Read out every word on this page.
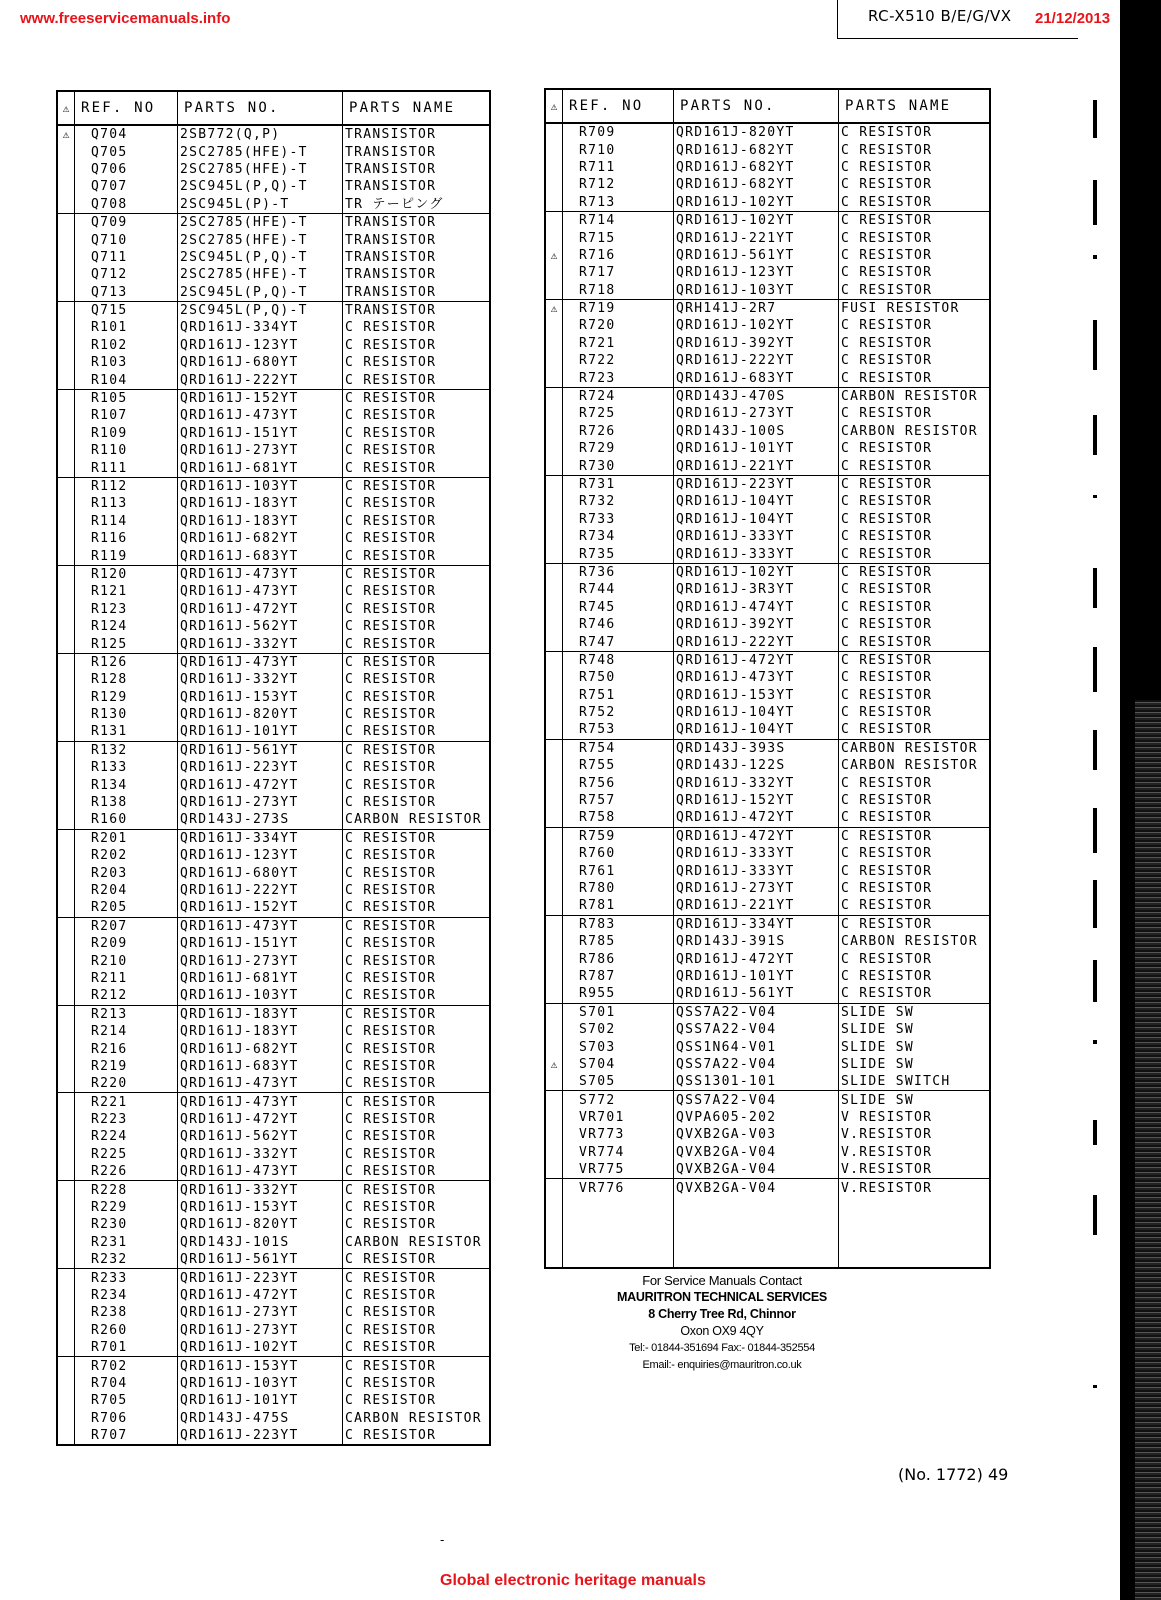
www.freeservicemanuals.info	RC-X510 B/E/G/VX 21/12/2013
⚠	REF. NO	PARTS NO.	PARTS NAME
⚠	Q704	2SB772(Q,P)	TRANSISTOR
	Q705	2SC2785(HFE)-T	TRANSISTOR
	Q706	2SC2785(HFE)-T	TRANSISTOR
	Q707	2SC945L(P,Q)-T	TRANSISTOR
	Q708	2SC945L(P)-T	TR テーピング
	Q709	2SC2785(HFE)-T	TRANSISTOR
	Q710	2SC2785(HFE)-T	TRANSISTOR
	Q711	2SC945L(P,Q)-T	TRANSISTOR
	Q712	2SC2785(HFE)-T	TRANSISTOR
	Q713	2SC945L(P,Q)-T	TRANSISTOR
	Q715	2SC945L(P,Q)-T	TRANSISTOR
	R101	QRD161J-334YT	C RESISTOR
	R102	QRD161J-123YT	C RESISTOR
	R103	QRD161J-680YT	C RESISTOR
	R104	QRD161J-222YT	C RESISTOR
	R105	QRD161J-152YT	C RESISTOR
	R107	QRD161J-473YT	C RESISTOR
	R109	QRD161J-151YT	C RESISTOR
	R110	QRD161J-273YT	C RESISTOR
	R111	QRD161J-681YT	C RESISTOR
	R112	QRD161J-103YT	C RESISTOR
	R113	QRD161J-183YT	C RESISTOR
	R114	QRD161J-183YT	C RESISTOR
	R116	QRD161J-682YT	C RESISTOR
	R119	QRD161J-683YT	C RESISTOR
	R120	QRD161J-473YT	C RESISTOR
	R121	QRD161J-473YT	C RESISTOR
	R123	QRD161J-472YT	C RESISTOR
	R124	QRD161J-562YT	C RESISTOR
	R125	QRD161J-332YT	C RESISTOR
	R126	QRD161J-473YT	C RESISTOR
	R128	QRD161J-332YT	C RESISTOR
	R129	QRD161J-153YT	C RESISTOR
	R130	QRD161J-820YT	C RESISTOR
	R131	QRD161J-101YT	C RESISTOR
	R132	QRD161J-561YT	C RESISTOR
	R133	QRD161J-223YT	C RESISTOR
	R134	QRD161J-472YT	C RESISTOR
	R138	QRD161J-273YT	C RESISTOR
	R160	QRD143J-273S	CARBON RESISTOR
	R201	QRD161J-334YT	C RESISTOR
	R202	QRD161J-123YT	C RESISTOR
	R203	QRD161J-680YT	C RESISTOR
	R204	QRD161J-222YT	C RESISTOR
	R205	QRD161J-152YT	C RESISTOR
	R207	QRD161J-473YT	C RESISTOR
	R209	QRD161J-151YT	C RESISTOR
	R210	QRD161J-273YT	C RESISTOR
	R211	QRD161J-681YT	C RESISTOR
	R212	QRD161J-103YT	C RESISTOR
	R213	QRD161J-183YT	C RESISTOR
	R214	QRD161J-183YT	C RESISTOR
	R216	QRD161J-682YT	C RESISTOR
	R219	QRD161J-683YT	C RESISTOR
	R220	QRD161J-473YT	C RESISTOR
	R221	QRD161J-473YT	C RESISTOR
	R223	QRD161J-472YT	C RESISTOR
	R224	QRD161J-562YT	C RESISTOR
	R225	QRD161J-332YT	C RESISTOR
	R226	QRD161J-473YT	C RESISTOR
	R228	QRD161J-332YT	C RESISTOR
	R229	QRD161J-153YT	C RESISTOR
	R230	QRD161J-820YT	C RESISTOR
	R231	QRD143J-101S	CARBON RESISTOR
	R232	QRD161J-561YT	C RESISTOR
	R233	QRD161J-223YT	C RESISTOR
	R234	QRD161J-472YT	C RESISTOR
	R238	QRD161J-273YT	C RESISTOR
	R260	QRD161J-273YT	C RESISTOR
	R701	QRD161J-102YT	C RESISTOR
	R702	QRD161J-153YT	C RESISTOR
	R704	QRD161J-103YT	C RESISTOR
	R705	QRD161J-101YT	C RESISTOR
	R706	QRD143J-475S	CARBON RESISTOR
	R707	QRD161J-223YT	C RESISTOR
⚠	REF. NO	PARTS NO.	PARTS NAME
	R709	QRD161J-820YT	C RESISTOR
	R710	QRD161J-682YT	C RESISTOR
	R711	QRD161J-682YT	C RESISTOR
	R712	QRD161J-682YT	C RESISTOR
	R713	QRD161J-102YT	C RESISTOR
	R714	QRD161J-102YT	C RESISTOR
	R715	QRD161J-221YT	C RESISTOR
⚠	R716	QRD161J-561YT	C RESISTOR
	R717	QRD161J-123YT	C RESISTOR
	R718	QRD161J-103YT	C RESISTOR
⚠	R719	QRH141J-2R7	FUSI RESISTOR
	R720	QRD161J-102YT	C RESISTOR
	R721	QRD161J-392YT	C RESISTOR
	R722	QRD161J-222YT	C RESISTOR
	R723	QRD161J-683YT	C RESISTOR
	R724	QRD143J-470S	CARBON RESISTOR
	R725	QRD161J-273YT	C RESISTOR
	R726	QRD143J-100S	CARBON RESISTOR
	R729	QRD161J-101YT	C RESISTOR
	R730	QRD161J-221YT	C RESISTOR
	R731	QRD161J-223YT	C RESISTOR
	R732	QRD161J-104YT	C RESISTOR
	R733	QRD161J-104YT	C RESISTOR
	R734	QRD161J-333YT	C RESISTOR
	R735	QRD161J-333YT	C RESISTOR
	R736	QRD161J-102YT	C RESISTOR
	R744	QRD161J-3R3YT	C RESISTOR
	R745	QRD161J-474YT	C RESISTOR
	R746	QRD161J-392YT	C RESISTOR
	R747	QRD161J-222YT	C RESISTOR
	R748	QRD161J-472YT	C RESISTOR
	R750	QRD161J-473YT	C RESISTOR
	R751	QRD161J-153YT	C RESISTOR
	R752	QRD161J-104YT	C RESISTOR
	R753	QRD161J-104YT	C RESISTOR
	R754	QRD143J-393S	CARBON RESISTOR
	R755	QRD143J-122S	CARBON RESISTOR
	R756	QRD161J-332YT	C RESISTOR
	R757	QRD161J-152YT	C RESISTOR
	R758	QRD161J-472YT	C RESISTOR
	R759	QRD161J-472YT	C RESISTOR
	R760	QRD161J-333YT	C RESISTOR
	R761	QRD161J-333YT	C RESISTOR
	R780	QRD161J-273YT	C RESISTOR
	R781	QRD161J-221YT	C RESISTOR
	R783	QRD161J-334YT	C RESISTOR
	R785	QRD143J-391S	CARBON RESISTOR
	R786	QRD161J-472YT	C RESISTOR
	R787	QRD161J-101YT	C RESISTOR
	R955	QRD161J-561YT	C RESISTOR
	S701	QSS7A22-V04	SLIDE SW
	S702	QSS7A22-V04	SLIDE SW
	S703	QSS1N64-V01	SLIDE SW
⚠	S704	QSS7A22-V04	SLIDE SW
	S705	QSS1301-101	SLIDE SWITCH
	S772	QSS7A22-V04	SLIDE SW
	VR701	QVPA605-202	V RESISTOR
	VR773	QVXB2GA-V03	V.RESISTOR
	VR774	QVXB2GA-V04	V.RESISTOR
	VR775	QVXB2GA-V04	V.RESISTOR
	VR776	QVXB2GA-V04	V.RESISTOR

For Service Manuals Contact
MAURITRON TECHNICAL SERVICES
8 Cherry Tree Rd, Chinnor
Oxon OX9 4QY
Tel:- 01844-351694 Fax:- 01844-352554
Email:- enquiries@mauritron.co.uk
(No. 1772) 49
-
Global electronic heritage manuals
